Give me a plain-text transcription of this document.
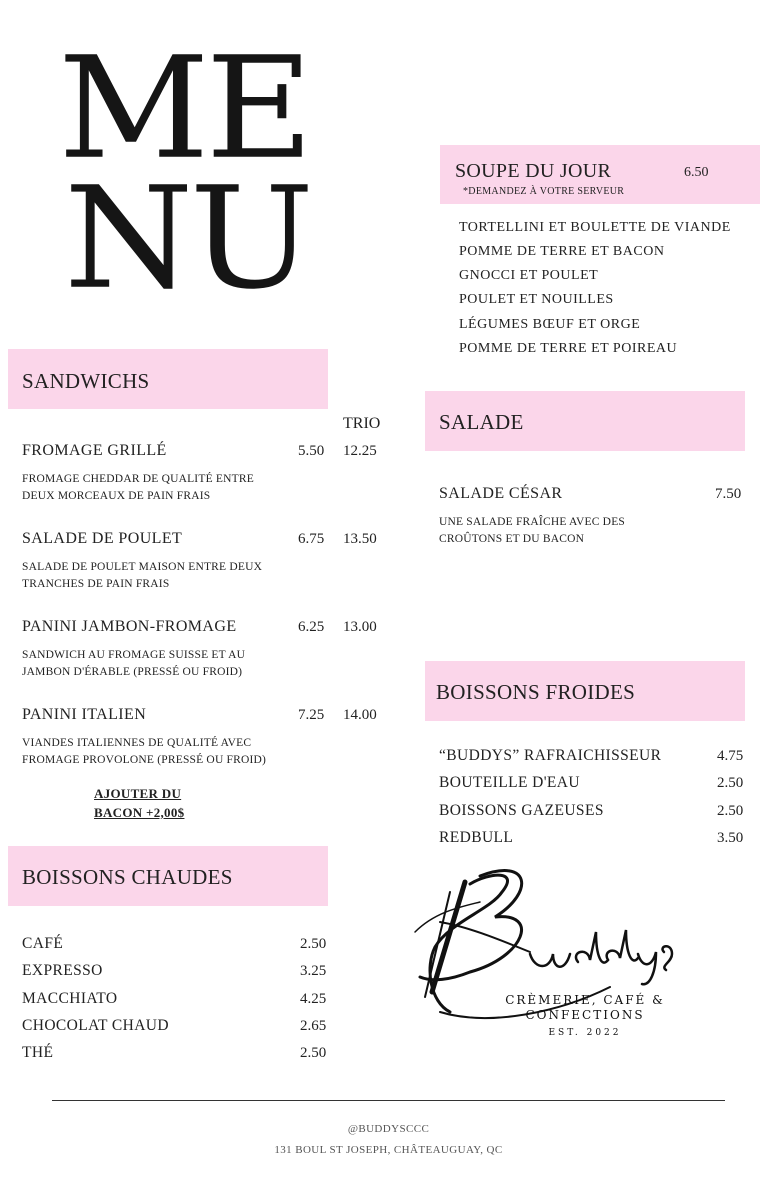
ME
NU	SOUPE DU JOUR
*DEMANDEZ À VOTRE SERVEUR
6.50
TORTELLINI ET BOULETTE DE VIANDE
POMME DE TERRE ET BACON
GNOCCI ET POULET
POULET ET NOUILLES
LÉGUMES BŒUF ET ORGE
POMME DE TERRE ET POIREAU
SANDWICHS
TRIO
FROMAGE GRILLÉ	5.50 12.25
FROMAGE CHEDDAR DE QUALITÉ ENTRE
DEUX MORCEAUX DE PAIN FRAIS
SALADE DE POULET	6.75 13.50
SALADE DE POULET MAISON ENTRE DEUX
TRANCHES DE PAIN FRAIS
PANINI JAMBON-FROMAGE	6.25 13.00
SANDWICH AU FROMAGE SUISSE ET AU
JAMBON D'ÉRABLE (PRESSÉ OU FROID)
PANINI ITALIEN	7.25 14.00
VIANDES ITALIENNES DE QUALITÉ AVEC
FROMAGE PROVOLONE (PRESSÉ OU FROID)
AJOUTER DU
BACON +2,00$
SALADE
SALADE CÉSAR	7.50
UNE SALADE FRAÎCHE AVEC DES
CROÛTONS ET DU BACON
BOISSONS FROIDES
“BUDDYS” RAFRAICHISSEUR	4.75
BOUTEILLE D'EAU	2.50
BOISSONS GAZEUSES	2.50
REDBULL	3.50
BOISSONS CHAUDES
CAFÉ	2.50
EXPRESSO	3.25
MACCHIATO	4.25
CHOCOLAT CHAUD	2.65
THÉ	2.50
Buddys
CRÈMERIE, CAFÉ &
CONFECTIONS
EST. 2022
@BUDDYSCCC
131 BOUL ST JOSEPH, CHÂTEAUGUAY, QC
